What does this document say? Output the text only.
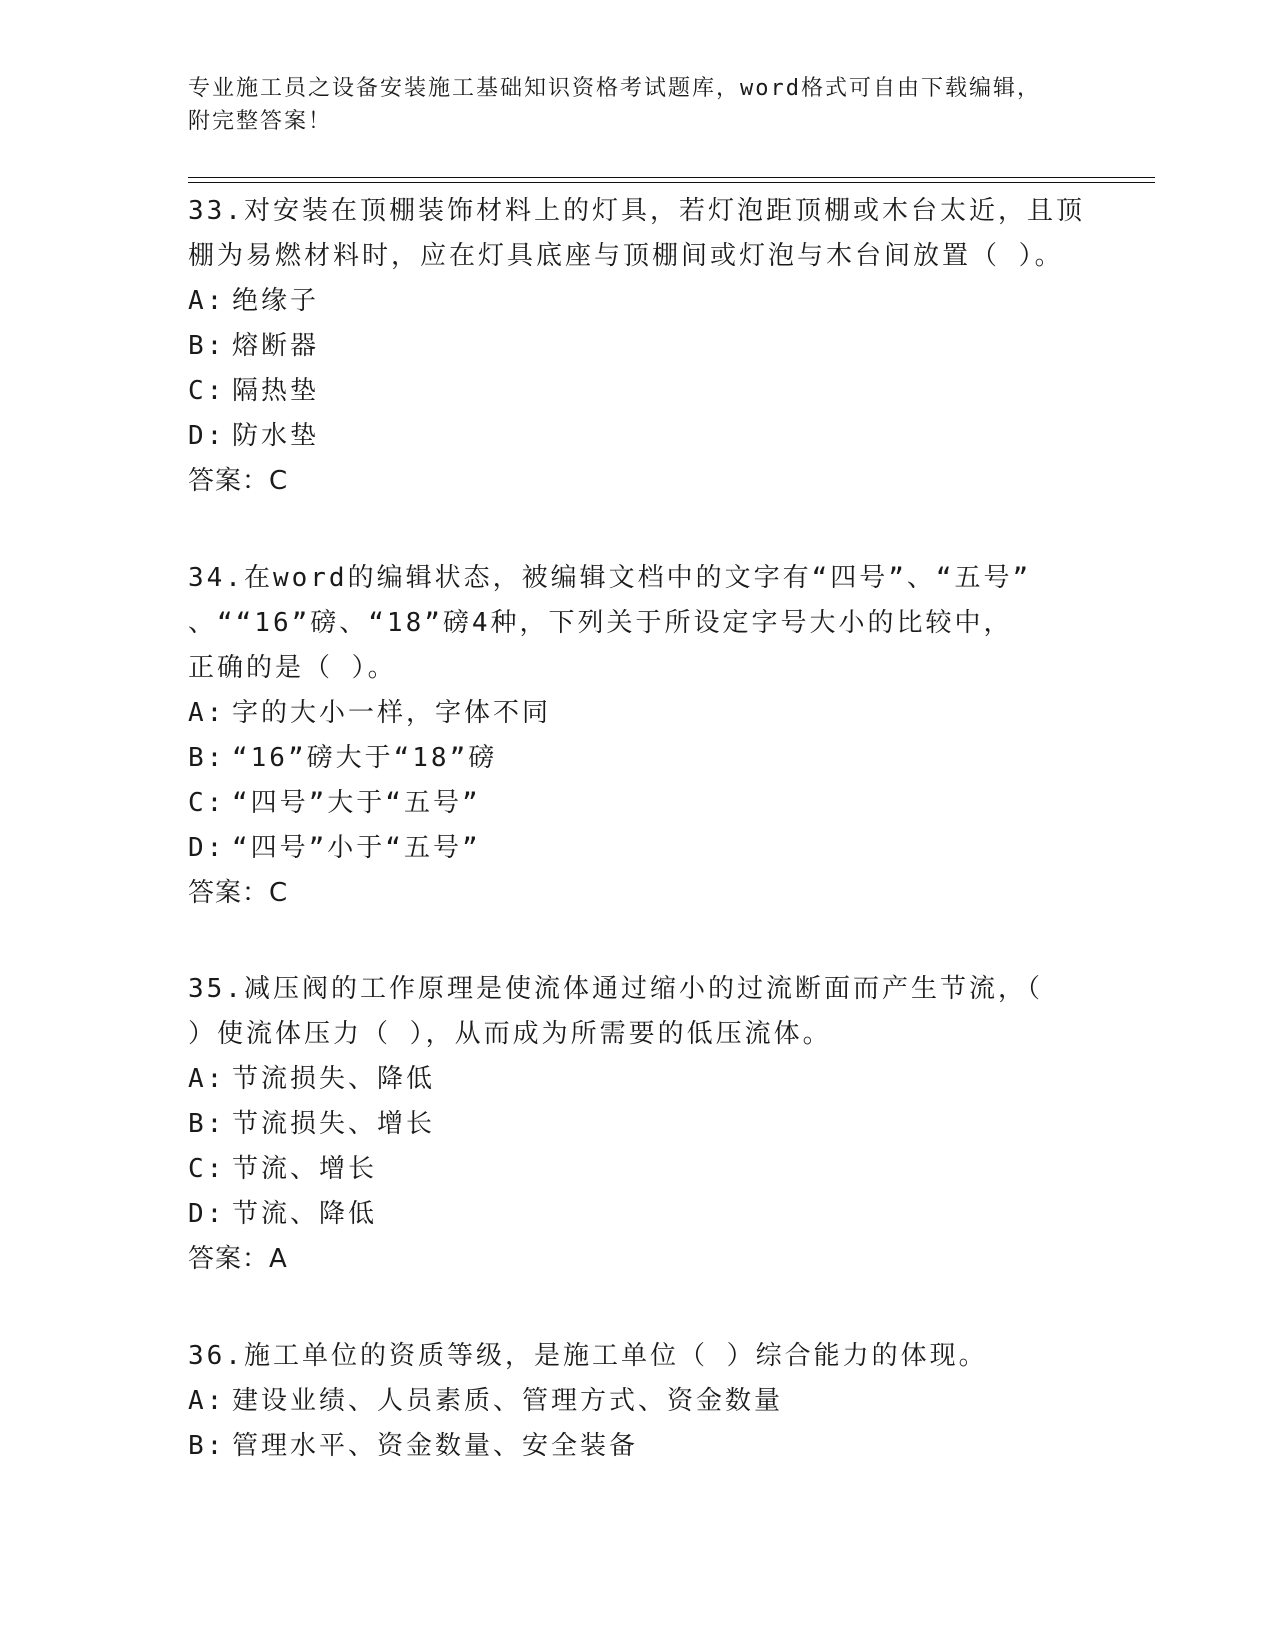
专业施工员之设备安装施工基础知识资格考试题库，word格式可自由下载编辑，
附完整答案！
33.对安装在顶棚装饰材料上的灯具，若灯泡距顶棚或木台太近，且顶
棚为易燃材料时，应在灯具底座与顶棚间或灯泡与木台间放置（ ）。
A: 绝缘子
B: 熔断器
C: 隔热垫
D: 防水垫
答案：C
34.在word的编辑状态，被编辑文档中的文字有“四号”、“五号”
、““16”磅、“18”磅4种，下列关于所设定字号大小的比较中，
正确的是（ ）。
A: 字的大小一样，字体不同
B: “16”磅大于“18”磅
C: “四号”大于“五号”
D: “四号”小于“五号”
答案：C
35.减压阀的工作原理是使流体通过缩小的过流断面而产生节流，（
）使流体压力（ ），从而成为所需要的低压流体。
A: 节流损失、降低
B: 节流损失、增长
C: 节流、增长
D: 节流、降低
答案：A
36.施工单位的资质等级，是施工单位（ ）综合能力的体现。
A: 建设业绩、人员素质、管理方式、资金数量
B: 管理水平、资金数量、安全装备
